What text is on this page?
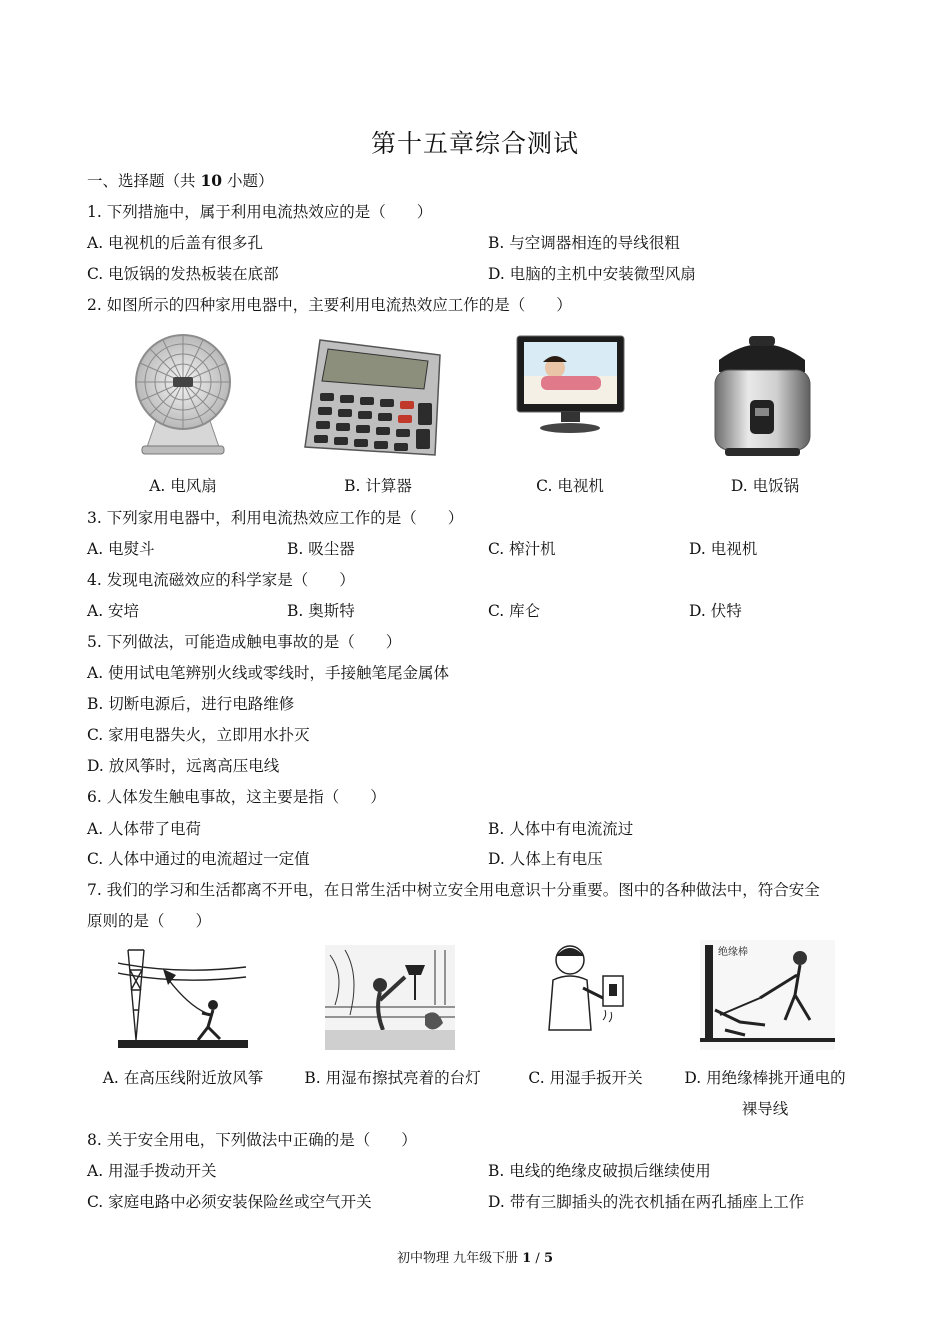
第十五章综合测试
一、选择题（共 10 小题）
1. 下列措施中，属于利用电流热效应的是（　　）
A. 电视机的后盖有很多孔	B. 与空调器相连的导线很粗
C. 电饭锅的发热板装在底部	D. 电脑的主机中安装微型风扇
2. 如图所示的四种家用电器中，主要利用电流热效应工作的是（　　）
A. 电风扇	B. 计算器	C. 电视机	D. 电饭锅
3. 下列家用电器中，利用电流热效应工作的是（　　）
A. 电熨斗	B. 吸尘器	C. 榨汁机	D. 电视机
4. 发现电流磁效应的科学家是（　　）
A. 安培	B. 奥斯特	C. 库仑	D. 伏特
5. 下列做法，可能造成触电事故的是（　　）
A. 使用试电笔辨别火线或零线时，手接触笔尾金属体
B. 切断电源后，进行电路维修
C. 家用电器失火，立即用水扑灭
D. 放风筝时，远离高压电线
6. 人体发生触电事故，这主要是指（　　）
A. 人体带了电荷	B. 人体中有电流流过
C. 人体中通过的电流超过一定值	D. 人体上有电压
7. 我们的学习和生活都离不开电，在日常生活中树立安全用电意识十分重要。图中的各种做法中，符合安全
原则的是（　　）
绝缘棒
A. 在高压线附近放风筝	B. 用湿布擦拭亮着的台灯	C. 用湿手扳开关	D. 用绝缘棒挑开通电的
裸导线
8. 关于安全用电，下列做法中正确的是（　　）
A. 用湿手拨动开关	B. 电线的绝缘皮破损后继续使用
C. 家庭电路中必须安装保险丝或空气开关	D. 带有三脚插头的洗衣机插在两孔插座上工作
初中物理 九年级下册 1 / 5
